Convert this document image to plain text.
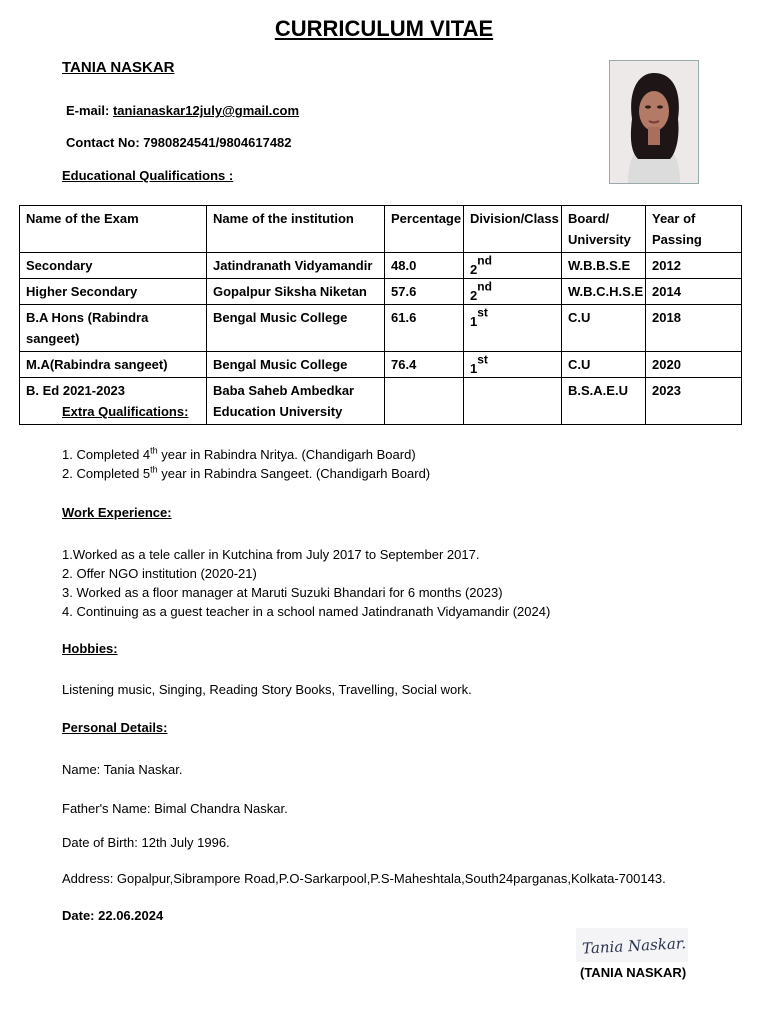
CURRICULUM VITAE
TANIA NASKAR
E-mail: tanianaskar12july@gmail.com
Contact No: 7980824541/9804617482
Educational Qualifications :
Name of the Exam	Name of the institution	Percentage	Division/Class	Board/ University	Year of Passing
Secondary	Jatindranath Vidyamandir	48.0	2nd	W.B.B.S.E	2012
Higher Secondary	Gopalpur Siksha Niketan	57.6	2nd	W.B.C.H.S.E	2014
B.A Hons (Rabindra sangeet)	Bengal Music College	61.6	1st	C.U	2018
M.A(Rabindra sangeet)	Bengal Music College	76.4	1st	C.U	2020
B. Ed 2021-2023	Baba Saheb Ambedkar Education University			B.S.A.E.U	2023
Extra Qualifications:
1. Completed 4th year in Rabindra Nritya. (Chandigarh Board)
2. Completed 5th year in Rabindra Sangeet. (Chandigarh Board)
Work Experience:
1.Worked as a tele caller in Kutchina from July 2017 to September 2017.
2. Offer NGO institution (2020-21)
3. Worked as a floor manager at Maruti Suzuki Bhandari for 6 months (2023)
4. Continuing as a guest teacher in a school named Jatindranath Vidyamandir (2024)
Hobbies:
Listening music, Singing, Reading Story Books, Travelling, Social work.
Personal Details:
Name: Tania Naskar.
Father's Name: Bimal Chandra Naskar.
Date of Birth: 12th July 1996.
Address: Gopalpur,Sibrampore Road,P.O-Sarkarpool,P.S-Maheshtala,South24parganas,Kolkata-700143.
Date: 22.06.2024
Tania Naskar.
(TANIA NASKAR)
